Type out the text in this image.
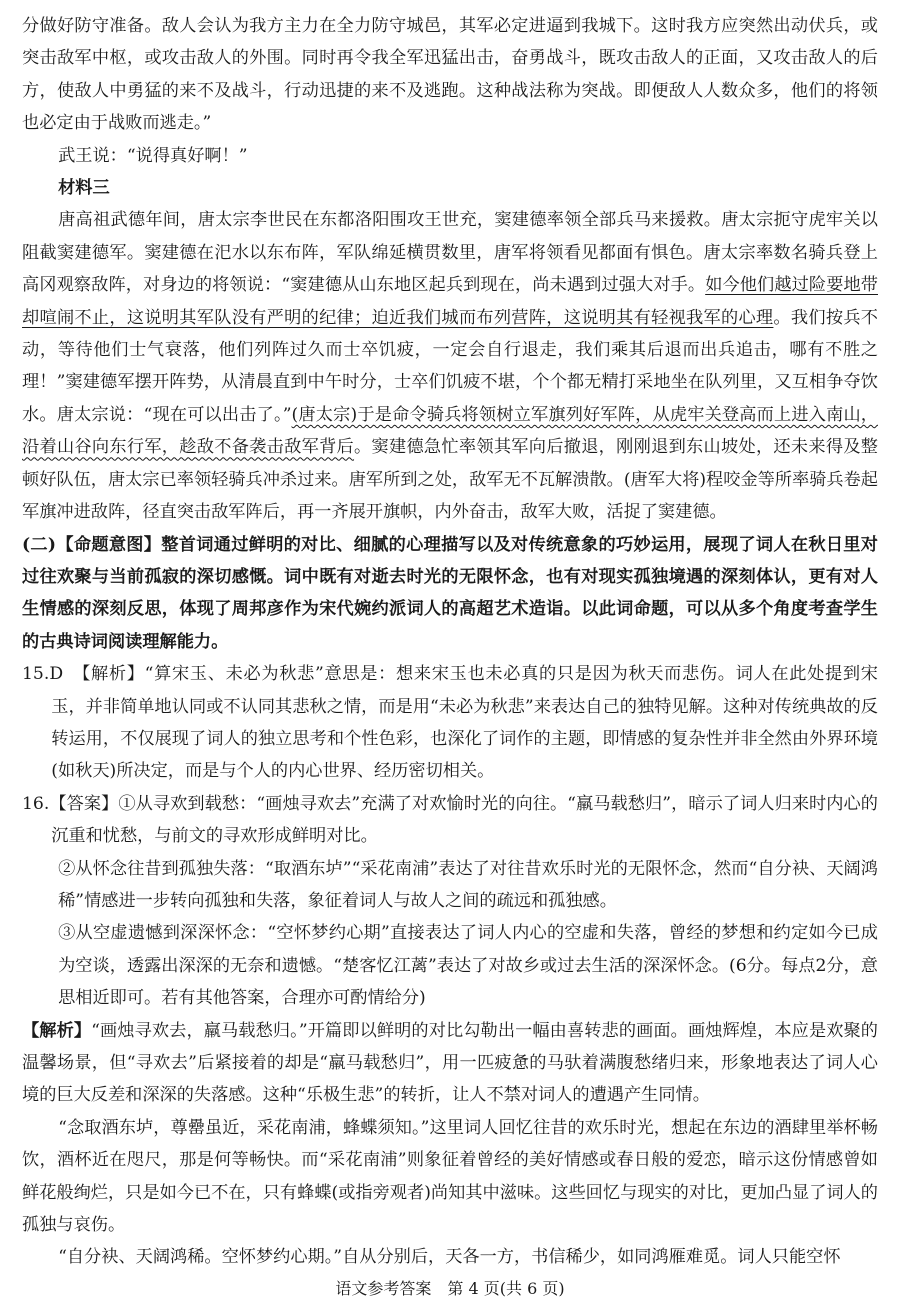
分做好防守准备。敌人会认为我方主力在全力防守城邑，其军必定进逼到我城下。这时我方应突然出动伏兵，或突击敌军中枢，或攻击敌人的外围。同时再令我全军迅猛出击，奋勇战斗，既攻击敌人的正面，又攻击敌人的后方，使敌人中勇猛的来不及战斗，行动迅捷的来不及逃跑。这种战法称为突战。即便敌人人数众多，他们的将领也必定由于战败而逃走。”

武王说：“说得真好啊！”

材料三

唐高祖武德年间，唐太宗李世民在东都洛阳围攻王世充，窦建德率领全部兵马来援救。唐太宗扼守虎牢关以阻截窦建德军。窦建德在汜水以东布阵，军队绵延横贯数里，唐军将领看见都面有惧色。唐太宗率数名骑兵登上高冈观察敌阵，对身边的将领说：“窦建德从山东地区起兵到现在，尚未遇到过强大对手。如今他们越过险要地带却喧闹不止，这说明其军队没有严明的纪律；迫近我们城而布列营阵，这说明其有轻视我军的心理。我们按兵不动，等待他们士气衰落，他们列阵过久而士卒饥疲，一定会自行退走，我们乘其后退而出兵追击，哪有不胜之理！”窦建德军摆开阵势，从清晨直到中午时分，士卒们饥疲不堪，个个都无精打采地坐在队列里，又互相争夺饮水。唐太宗说：“现在可以出击了。”(唐太宗)于是命令骑兵将领树立军旗列好军阵，从虎牢关登高而上进入南山，沿着山谷向东行军，趁敌不备袭击敌军背后。窦建德急忙率领其军向后撤退，刚刚退到东山坡处，还未来得及整顿好队伍，唐太宗已率领轻骑兵冲杀过来。唐军所到之处，敌军无不瓦解溃散。(唐军大将)程咬金等所率骑兵卷起军旗冲进敌阵，径直突击敌军阵后，再一齐展开旗帜，内外奋击，敌军大败，活捉了窦建德。

(二)【命题意图】整首词通过鲜明的对比、细腻的心理描写以及对传统意象的巧妙运用，展现了词人在秋日里对过往欢聚与当前孤寂的深切感慨。词中既有对逝去时光的无限怀念，也有对现实孤独境遇的深刻体认，更有对人生情感的深刻反思，体现了周邦彦作为宋代婉约派词人的高超艺术造诣。以此词命题，可以从多个角度考查学生的古典诗词阅读理解能力。

15.D　【解析】“算宋玉、未必为秋悲”意思是：想来宋玉也未必真的只是因为秋天而悲伤。词人在此处提到宋玉，并非简单地认同或不认同其悲秋之情，而是用“未必为秋悲”来表达自己的独特见解。这种对传统典故的反转运用，不仅展现了词人的独立思考和个性色彩，也深化了词作的主题，即情感的复杂性并非全然由外界环境(如秋天)所决定，而是与个人的内心世界、经历密切相关。

16.【答案】①从寻欢到载愁：“画烛寻欢去”充满了对欢愉时光的向往。“羸马载愁归”，暗示了词人归来时内心的沉重和忧愁，与前文的寻欢形成鲜明对比。

②从怀念往昔到孤独失落：“取酒东垆”“采花南浦”表达了对往昔欢乐时光的无限怀念，然而“自分袂、天阔鸿稀”情感进一步转向孤独和失落，象征着词人与故人之间的疏远和孤独感。

③从空虚遗憾到深深怀念：“空怀梦约心期”直接表达了词人内心的空虚和失落，曾经的梦想和约定如今已成为空谈，透露出深深的无奈和遗憾。“楚客忆江蓠”表达了对故乡或过去生活的深深怀念。(6分。每点2分，意思相近即可。若有其他答案，合理亦可酌情给分)

【解析】“画烛寻欢去，羸马载愁归。”开篇即以鲜明的对比勾勒出一幅由喜转悲的画面。画烛辉煌，本应是欢聚的温馨场景，但“寻欢去”后紧接着的却是“羸马载愁归”，用一匹疲惫的马驮着满腹愁绪归来，形象地表达了词人心境的巨大反差和深深的失落感。这种“乐极生悲”的转折，让人不禁对词人的遭遇产生同情。

“念取酒东垆，尊罍虽近，采花南浦，蜂蝶须知。”这里词人回忆往昔的欢乐时光，想起在东边的酒肆里举杯畅饮，酒杯近在咫尺，那是何等畅快。而“采花南浦”则象征着曾经的美好情感或春日般的爱恋，暗示这份情感曾如鲜花般绚烂，只是如今已不在，只有蜂蝶(或指旁观者)尚知其中滋味。这些回忆与现实的对比，更加凸显了词人的孤独与哀伤。

“自分袂、天阔鸿稀。空怀梦约心期。”自从分别后，天各一方，书信稀少，如同鸿雁难觅。词人只能空怀

语文参考答案　第 4 页(共 6 页)
